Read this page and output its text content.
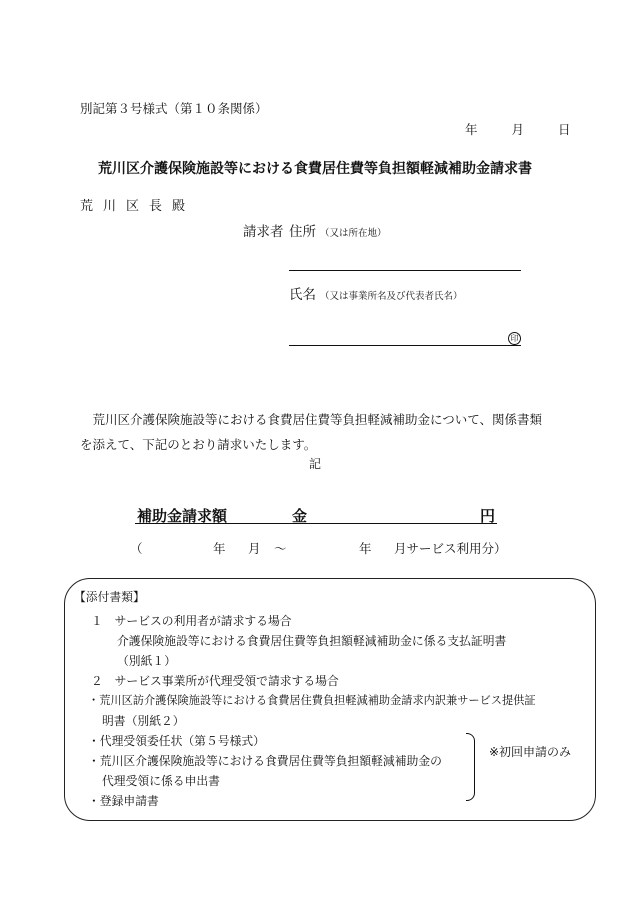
別記第３号様式（第１０条関係）
年	月	日
荒川区介護保険施設等における食費居住費等負担額軽減補助金請求書
荒川区長殿
請求者 住所 （又は所在地）
氏名 （又は事業所名及び代表者氏名）
印
荒川区介護保険施設等における食費居住費等負担軽減補助金について、関係書類を添えて、下記のとおり請求いたします。
記
補助金請求額	金	円
（	年 月 ～	年 月サービス利用分）
【添付書類】
１　サービスの利用者が請求する場合
介護保険施設等における食費居住費等負担額軽減補助金に係る支払証明書
（別紙１）
２　サービス事業所が代理受領で請求する場合
・荒川区訪介護保険施設等における食費居住費負担軽減補助金請求内訳兼サービス提供証
明書（別紙２）
・代理受領委任状（第５号様式）
・荒川区介護保険施設等における食費居住費等負担額軽減補助金の
代理受領に係る申出書
・登録申請書
※初回申請のみ
